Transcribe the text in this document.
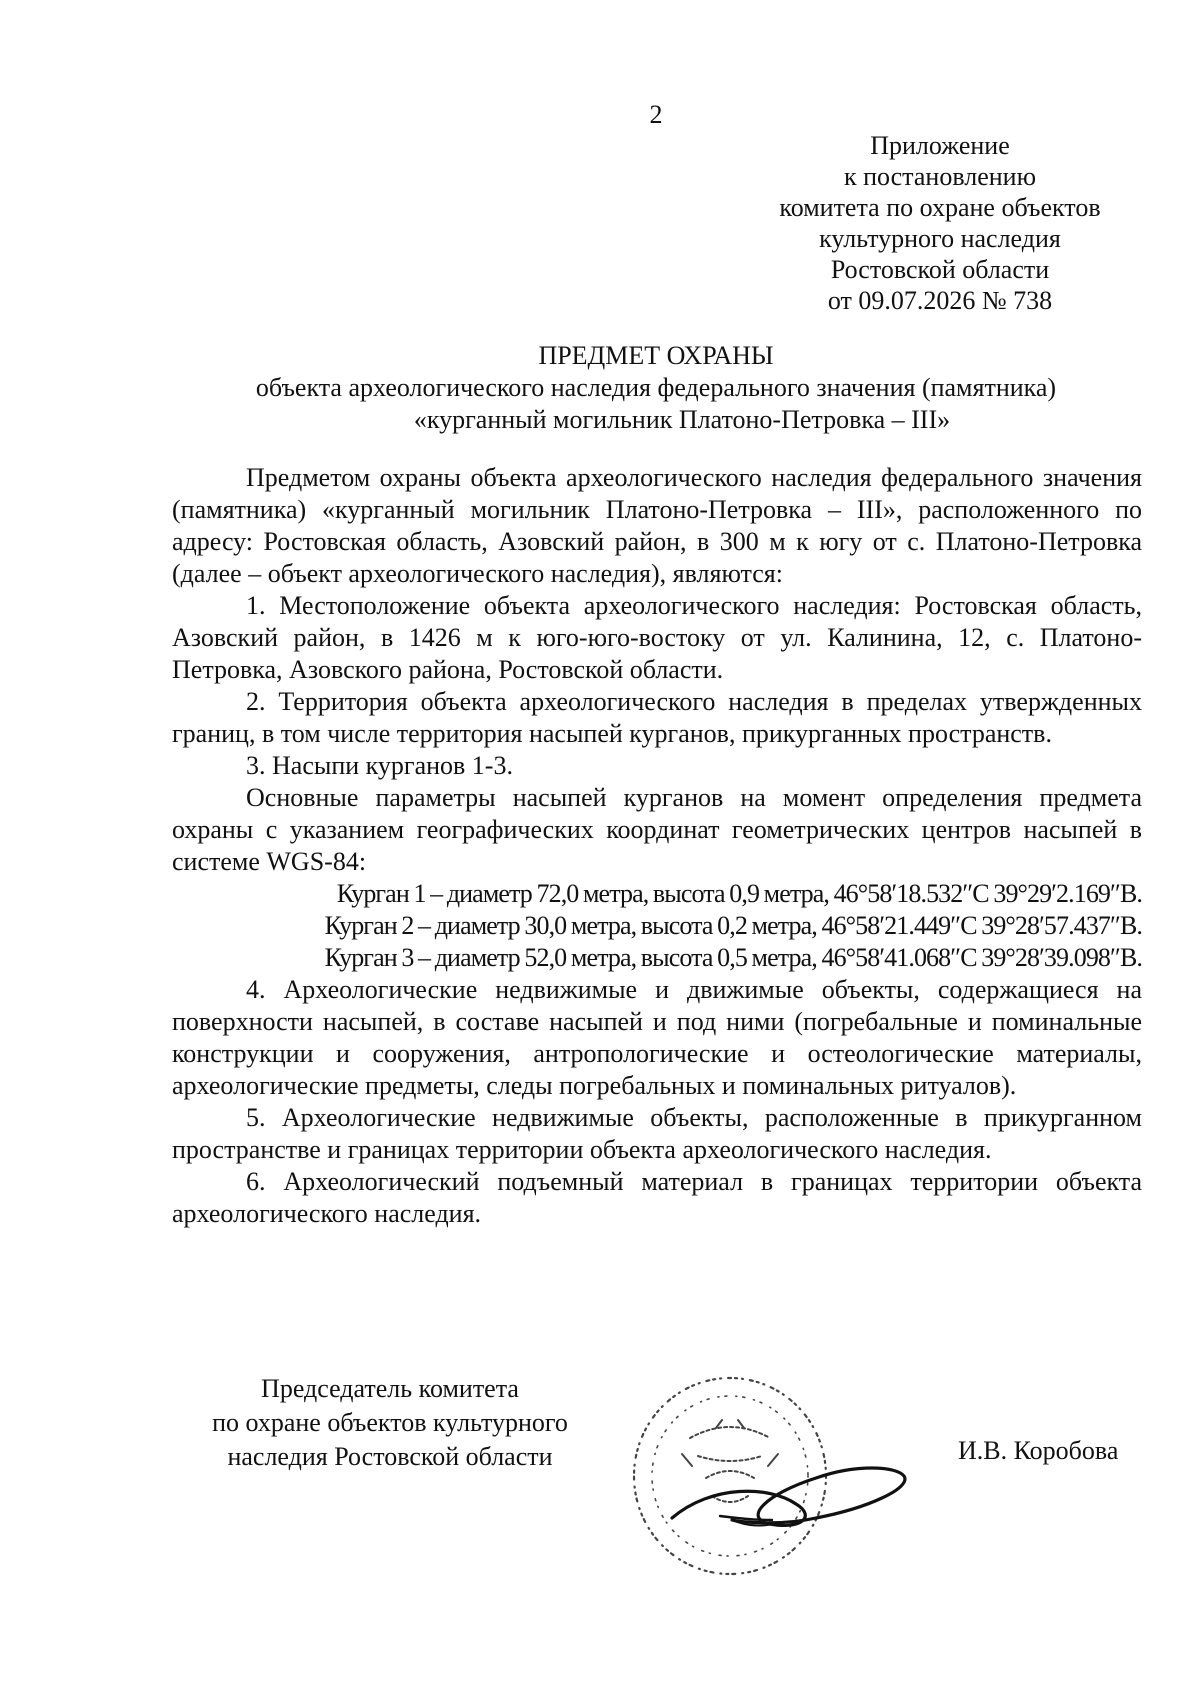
2
Приложение
к постановлению
комитета по охране объектов
культурного наследия
Ростовской области
от 09.07.2026 № 738
ПРЕДМЕТ ОХРАНЫ
объекта археологического наследия федерального значения (памятника)
«курганный могильник Платоно-Петровка – III»

Предметом охраны объекта археологического наследия федерального значения (памятника) «курганный могильник Платоно-Петровка – III», расположенного по адресу: Ростовская область, Азовский район, в 300 м к югу от с. Платоно-Петровка (далее – объект археологического наследия), являются:

1. Местоположение объекта археологического наследия: Ростовская область, Азовский район, в 1426 м к юго-юго-востоку от ул. Калинина, 12, с. Платоно-Петровка, Азовского района, Ростовской области.

2. Территория объекта археологического наследия в пределах утвержденных границ, в том числе территория насыпей курганов, прикурганных пространств.

3. Насыпи курганов 1-3.

Основные параметры насыпей курганов на момент определения предмета охраны с указанием географических координат геометрических центров насыпей в системе WGS-84:

Курган 1 – диаметр 72,0 метра, высота 0,9 метра, 46°58′18.532″С 39°29′2.169″В.

Курган 2 – диаметр 30,0 метра, высота 0,2 метра, 46°58′21.449″С 39°28′57.437″В.

Курган 3 – диаметр 52,0 метра, высота 0,5 метра, 46°58′41.068″С 39°28′39.098″В.

4. Археологические недвижимые и движимые объекты, содержащиеся на поверхности насыпей, в составе насыпей и под ними (погребальные и поминальные конструкции и сооружения, антропологические и остеологические материалы, археологические предметы, следы погребальных и поминальных ритуалов).

5. Археологические недвижимые объекты, расположенные в прикурганном пространстве и границах территории объекта археологического наследия.

6. Археологический подъемный материал в границах территории объекта археологического наследия.

Председатель комитета
по охране объектов культурного
наследия Ростовской области	И.В. Коробова
